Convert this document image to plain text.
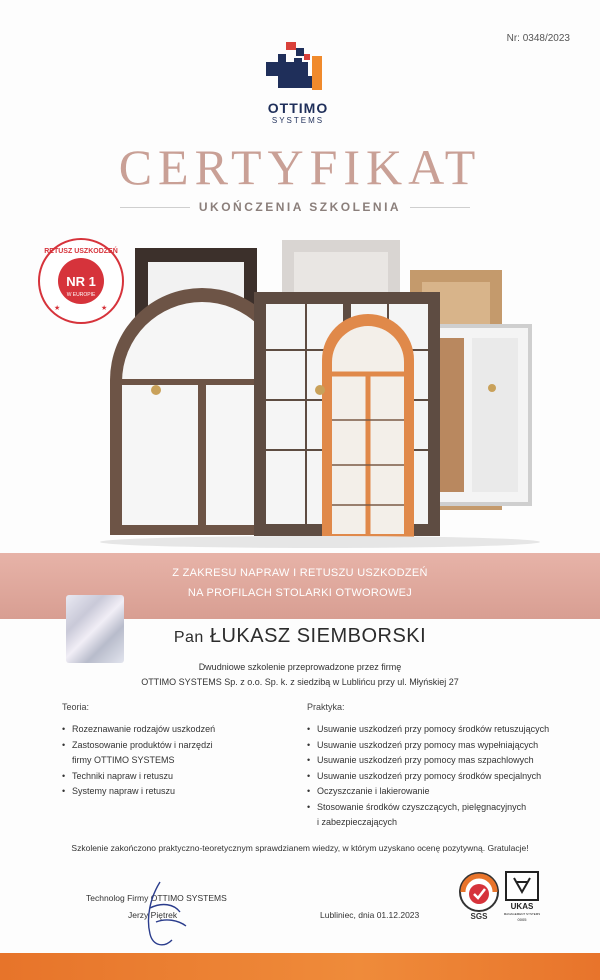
Nr: 0348/2023
OTTIMO
SYSTEMS
CERTYFIKAT
UKOŃCZENIA SZKOLENIA
RETUSZ USZKODZEŃ
NR 1
W EUROPIE
★	★
Z ZAKRESU NAPRAW I RETUSZU USZKODZEŃ
NA PROFILACH STOLARKI OTWOROWEJ
Pan ŁUKASZ SIEMBORSKI
Dwudniowe szkolenie przeprowadzone przez firmę
OTTIMO SYSTEMS Sp. z o.o. Sp. k. z siedzibą w Lublińcu przy ul. Młyńskiej 27
Teoria:
• Rozeznawanie rodzajów uszkodzeń
• Zastosowanie produktów i narzędzi
firmy OTTIMO SYSTEMS
• Techniki napraw i retuszu
• Systemy napraw i retuszu
Praktyka:
• Usuwanie uszkodzeń przy pomocy środków retuszujących
• Usuwanie uszkodzeń przy pomocy mas wypełniających
• Usuwanie uszkodzeń przy pomocy mas szpachlowych
• Usuwanie uszkodzeń przy pomocy środków specjalnych
• Oczyszczanie i lakierowanie
• Stosowanie środków czyszczących, pielęgnacyjnych
i zabezpieczających
Szkolenie zakończono praktyczno-teoretycznym sprawdzianem wiedzy, w którym uzyskano ocenę pozytywną. Gratulacje!
Technolog Firmy OTTIMO SYSTEMS
Jerzy Piętrek	Lubliniec, dnia 01.12.2023	SGS
UKAS
MANAGEMENT SYSTEMS
0005
